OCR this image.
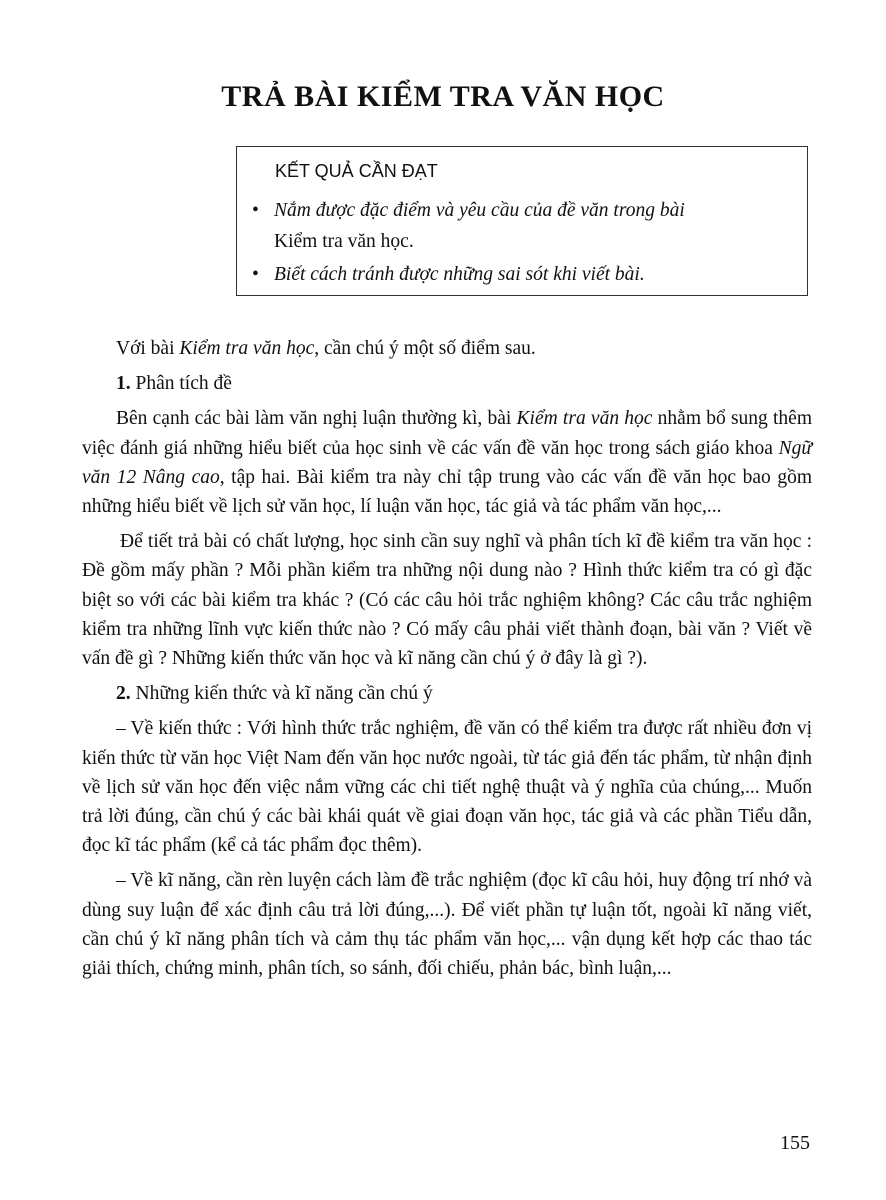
TRẢ BÀI KIỂM TRA VĂN HỌC
KẾT QUẢ CẦN ĐẠT
• Nắm được đặc điểm và yêu cầu của đề văn trong bài
Kiểm tra văn học.
• Biết cách tránh được những sai sót khi viết bài.

Với bài Kiểm tra văn học, cần chú ý một số điểm sau.

1. Phân tích đề

Bên cạnh các bài làm văn nghị luận thường kì, bài Kiểm tra văn học nhằm bổ sung thêm việc đánh giá những hiểu biết của học sinh về các vấn đề văn học trong sách giáo khoa Ngữ văn 12 Nâng cao, tập hai. Bài kiểm tra này chỉ tập trung vào các vấn đề văn học bao gồm những hiểu biết về lịch sử văn học, lí luận văn học, tác giả và tác phẩm văn học,...

Để tiết trả bài có chất lượng, học sinh cần suy nghĩ và phân tích kĩ đề kiểm tra văn học : Đề gồm mấy phần ? Mỗi phần kiểm tra những nội dung nào ? Hình thức kiểm tra có gì đặc biệt so với các bài kiểm tra khác ? (Có các câu hỏi trắc nghiệm không? Các câu trắc nghiệm kiểm tra những lĩnh vực kiến thức nào ? Có mấy câu phải viết thành đoạn, bài văn ? Viết về vấn đề gì ? Những kiến thức văn học và kĩ năng cần chú ý ở đây là gì ?).

2. Những kiến thức và kĩ năng cần chú ý

– Về kiến thức : Với hình thức trắc nghiệm, đề văn có thể kiểm tra được rất nhiều đơn vị kiến thức từ văn học Việt Nam đến văn học nước ngoài, từ tác giả đến tác phẩm, từ nhận định về lịch sử văn học đến việc nắm vững các chi tiết nghệ thuật và ý nghĩa của chúng,... Muốn trả lời đúng, cần chú ý các bài khái quát về giai đoạn văn học, tác giả và các phần Tiểu dẫn, đọc kĩ tác phẩm (kể cả tác phẩm đọc thêm).

– Về kĩ năng, cần rèn luyện cách làm đề trắc nghiệm (đọc kĩ câu hỏi, huy động trí nhớ và dùng suy luận để xác định câu trả lời đúng,...). Để viết phần tự luận tốt, ngoài kĩ năng viết, cần chú ý kĩ năng phân tích và cảm thụ tác phẩm văn học,... vận dụng kết hợp các thao tác giải thích, chứng minh, phân tích, so sánh, đối chiếu, phản bác, bình luận,...

155
